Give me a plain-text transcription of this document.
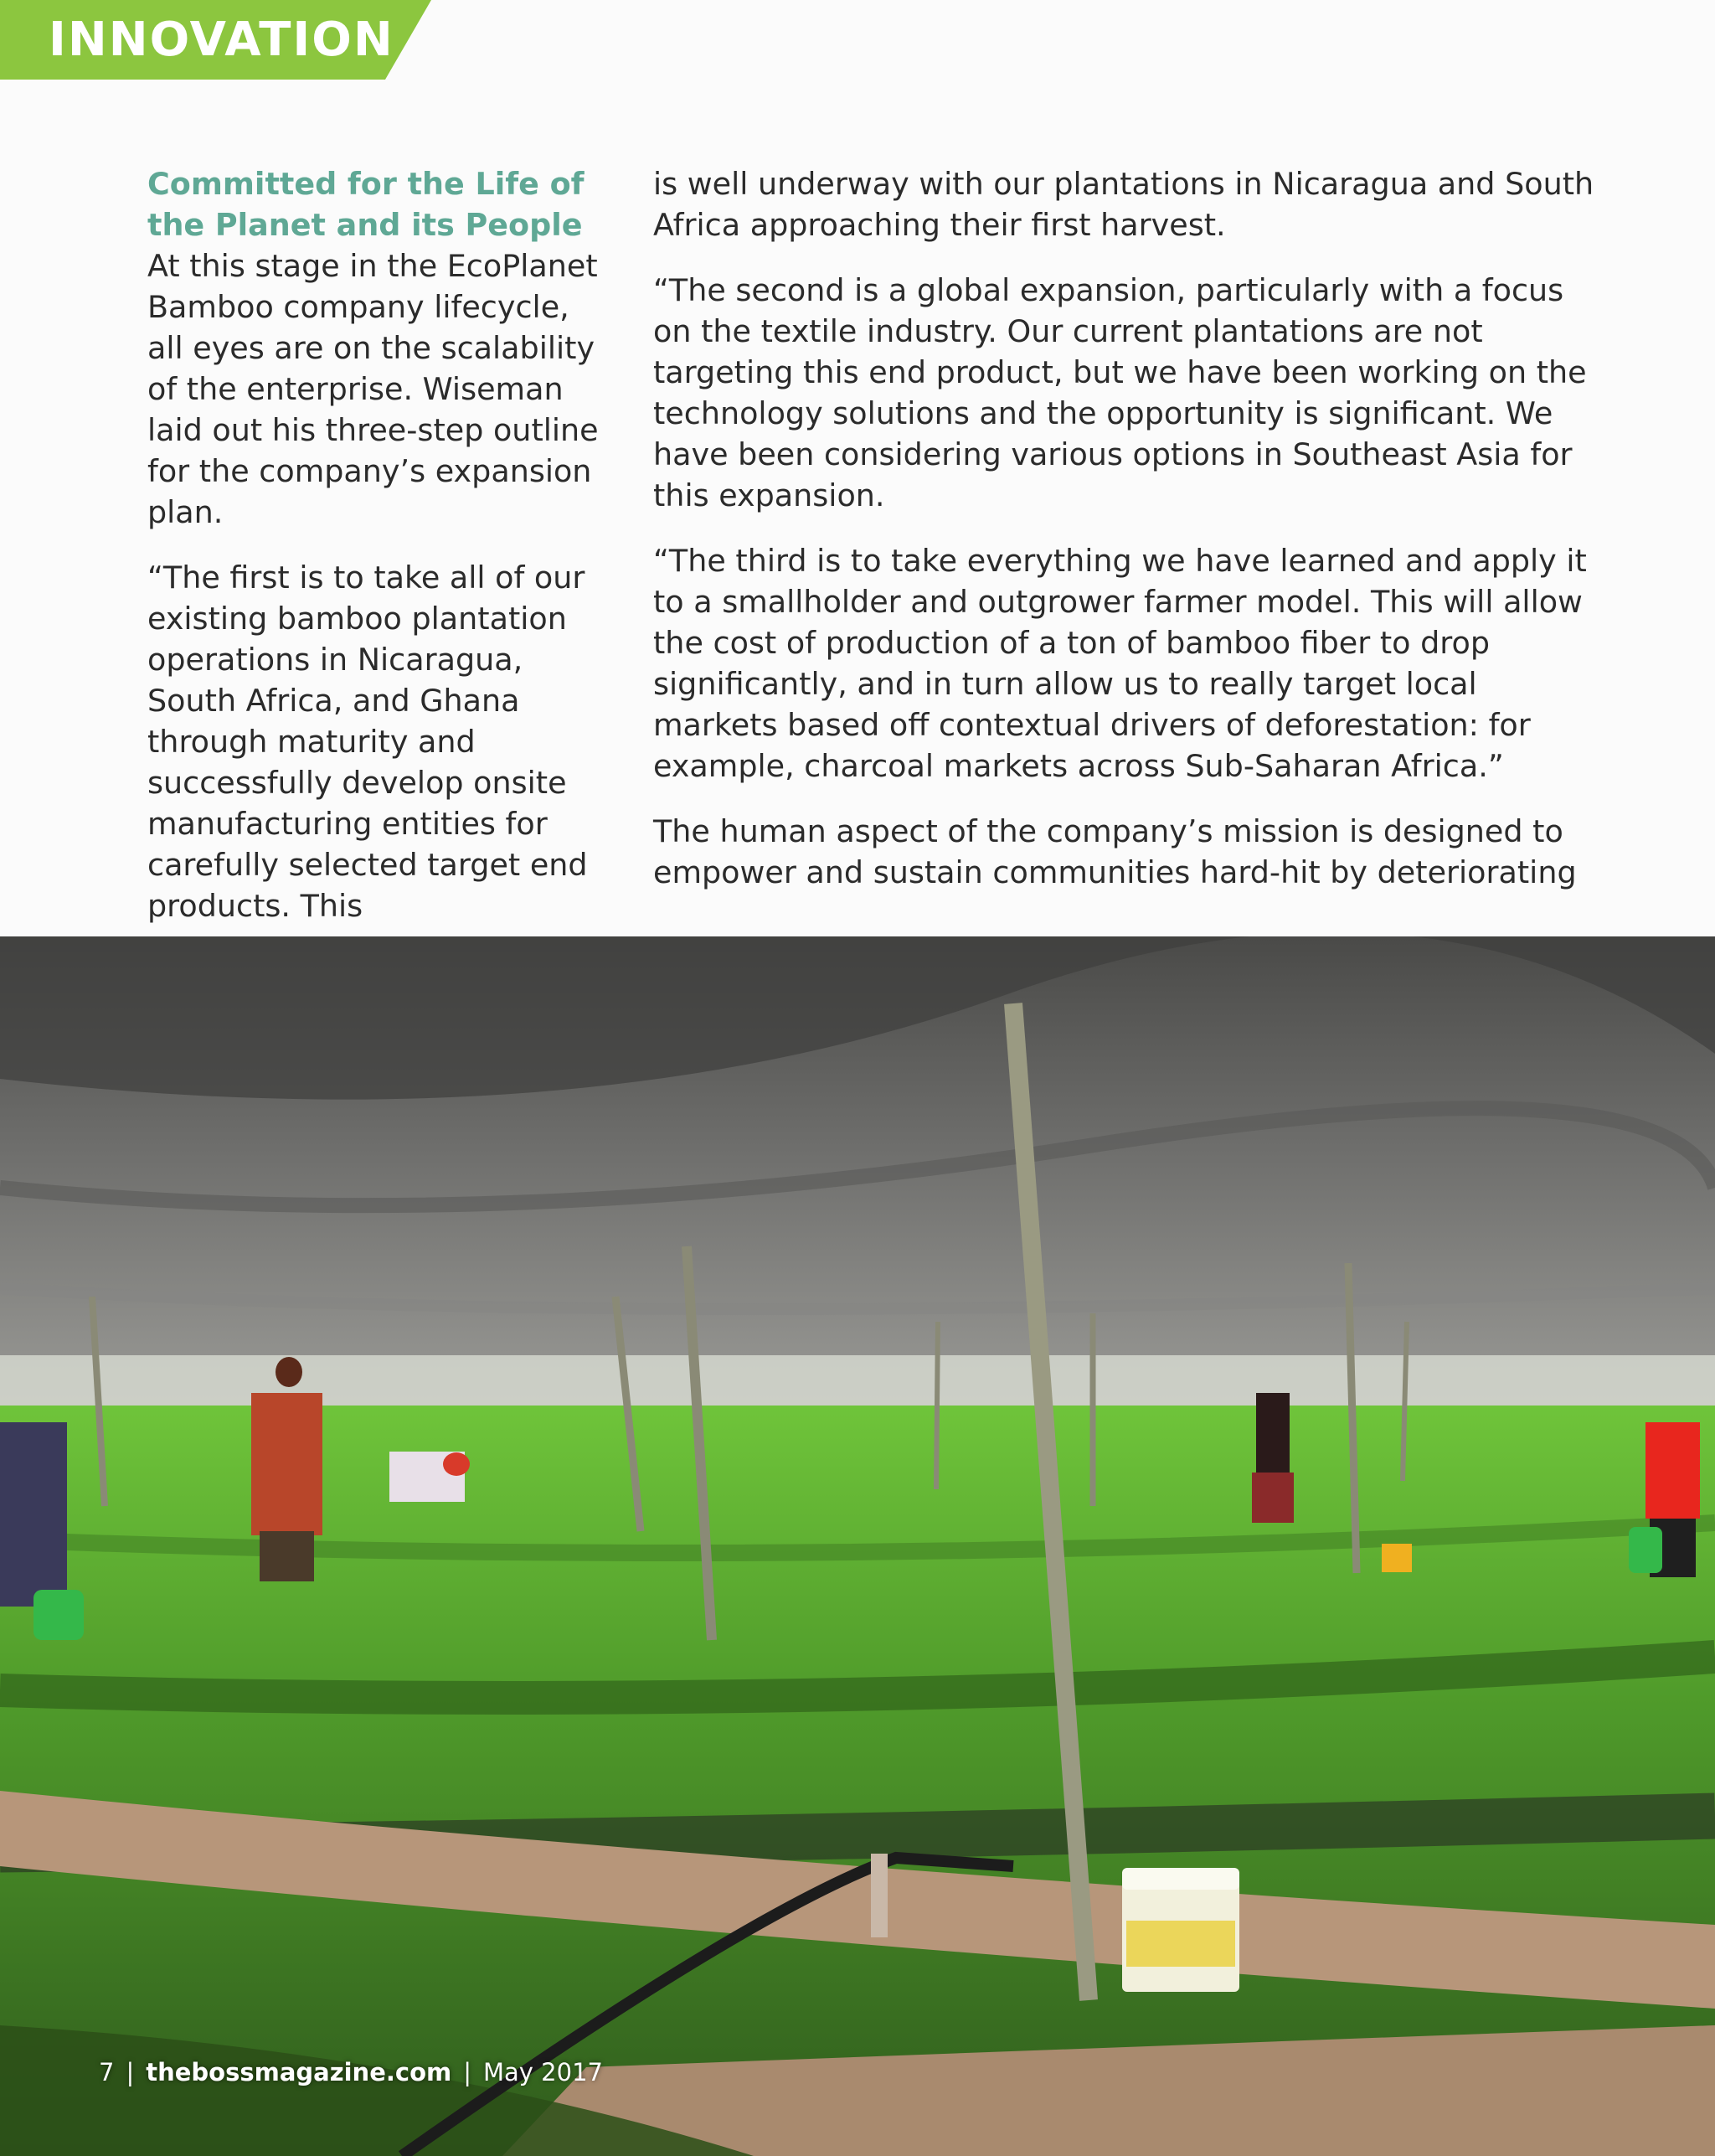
INNOVATION

Committed for the Life of the Planet and its People
At this stage in the EcoPlanet Bamboo company lifecycle, all eyes are on the scalability of the enterprise. Wiseman laid out his three-step outline for the company’s expansion plan.

“The first is to take all of our existing bamboo plantation operations in Nicaragua, South Africa, and Ghana through maturity and successfully develop onsite manufacturing entities for carefully selected target end products. This

is well underway with our plantations in Nicaragua and South Africa approaching their first harvest.

“The second is a global expansion, particularly with a focus on the textile industry. Our current plantations are not targeting this end product, but we have been working on the technology solutions and the opportunity is significant. We have been considering various options in Southeast Asia for this expansion.

“The third is to take everything we have learned and apply it to a smallholder and outgrower farmer model. This will allow the cost of production of a ton of bamboo fiber to drop significantly, and in turn allow us to really target local markets based off contextual drivers of deforestation: for example, charcoal markets across Sub-Saharan Africa.”

The human aspect of the company’s mission is designed to empower and sustain communities hard-hit by deteriorating

7 | thebossmagazine.com | May 2017
